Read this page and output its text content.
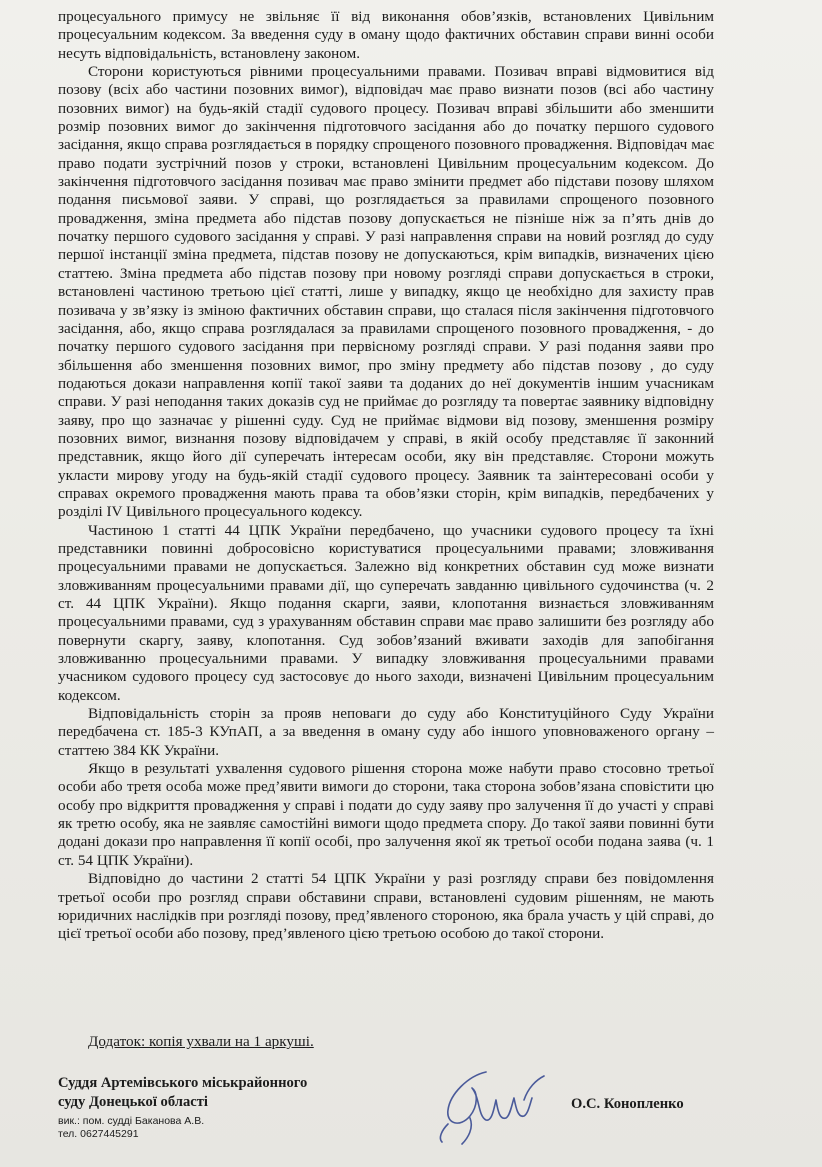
процесуального примусу не звільняє її від виконання обов’язків, встановлених Цивільним процесуальним кодексом. За введення суду в оману щодо фактичних обставин справи винні особи несуть відповідальність, встановлену законом.

Сторони користуються рівними процесуальними правами. Позивач вправі відмовитися від позову (всіх або частини позовних вимог), відповідач має право визнати позов (всі або частину позовних вимог) на будь-якій стадії судового процесу. Позивач вправі збільшити або зменшити розмір позовних вимог до закінчення підготовчого засідання або до початку першого судового засідання, якщо справа розглядається в порядку спрощеного позовного провадження. Відповідач має право подати зустрічний позов у строки, встановлені Цивільним процесуальним кодексом. До закінчення підготовчого засідання позивач має право змінити предмет або підстави позову шляхом подання письмової заяви. У справі, що розглядається за правилами спрощеного позовного провадження, зміна предмета або підстав позову допускається не пізніше ніж за п’ять днів до початку першого судового засідання у справі. У разі направлення справи на новий розгляд до суду першої інстанції зміна предмета, підстав позову не допускаються, крім випадків, визначених цією статтею. Зміна предмета або підстав позову при новому розгляді справи допускається в строки, встановлені частиною третьою цієї статті, лише у випадку, якщо це необхідно для захисту прав позивача у зв’язку із зміною фактичних обставин справи, що сталася після закінчення підготовчого засідання, або, якщо справа розглядалася за правилами спрощеного позовного провадження, - до початку першого судового засідання при первісному розгляді справи. У разі подання заяви про збільшення або зменшення позовних вимог, про зміну предмету або підстав позову , до суду подаються докази направлення копії такої заяви та доданих до неї документів іншим учасникам справи. У разі неподання таких доказів суд не приймає до розгляду та повертає заявнику відповідну заяву, про що зазначає у рішенні суду. Суд не приймає відмови від позову, зменшення розміру позовних вимог, визнання позову відповідачем у справі, в якій особу представляє її законний представник, якщо його дії суперечать інтересам особи, яку він представляє. Сторони можуть укласти мирову угоду на будь-якій стадії судового процесу. Заявник та заінтересовані особи у справах окремого провадження мають права та обов’язки сторін, крім випадків, передбачених у розділі IV Цивільного процесуального кодексу.

Частиною 1 статті 44 ЦПК України передбачено, що учасники судового процесу та їхні представники повинні добросовісно користуватися процесуальними правами; зловживання процесуальними правами не допускається. Залежно від конкретних обставин суд може визнати зловживанням процесуальними правами дії, що суперечать завданню цивільного судочинства (ч. 2 ст. 44 ЦПК України). Якщо подання скарги, заяви, клопотання визнається зловживанням процесуальними правами, суд з урахуванням обставин справи має право залишити без розгляду або повернути скаргу, заяву, клопотання. Суд зобов’язаний вживати заходів для запобігання зловживанню процесуальними правами. У випадку зловживання процесуальними правами учасником судового процесу суд застосовує до нього заходи, визначені Цивільним процесуальним кодексом.

Відповідальність сторін за прояв неповаги до суду або Конституційного Суду України передбачена ст. 185-3 КУпАП, а за введення в оману суду або іншого уповноваженого органу – статтею 384 КК України.

Якщо в результаті ухвалення судового рішення сторона може набути право стосовно третьої особи або третя особа може пред’явити вимоги до сторони, така сторона зобов’язана сповістити цю особу про відкриття провадження у справі і подати до суду заяву про залучення її до участі у справі як третю особу, яка не заявляє самостійні вимоги щодо предмета спору. До такої заяви повинні бути додані докази про направлення її копії особі, про залучення якої як третьої особи подана заява (ч. 1 ст. 54 ЦПК України).

Відповідно до частини 2 статті 54 ЦПК України у разі розгляду справи без повідомлення третьої особи про розгляд справи обставини справи, встановлені судовим рішенням, не мають юридичних наслідків при розгляді позову, пред’явленого стороною, яка брала участь у цій справі, до цієї третьої особи або позову, пред’явленого цією третьою особою до такої сторони.

Додаток: копія ухвали на 1 аркуші.
Суддя Артемівського міськрайонного
суду Донецької області
вик.: пом. судді Баканова А.В.
тел. 0627445291
О.С. Конопленко
